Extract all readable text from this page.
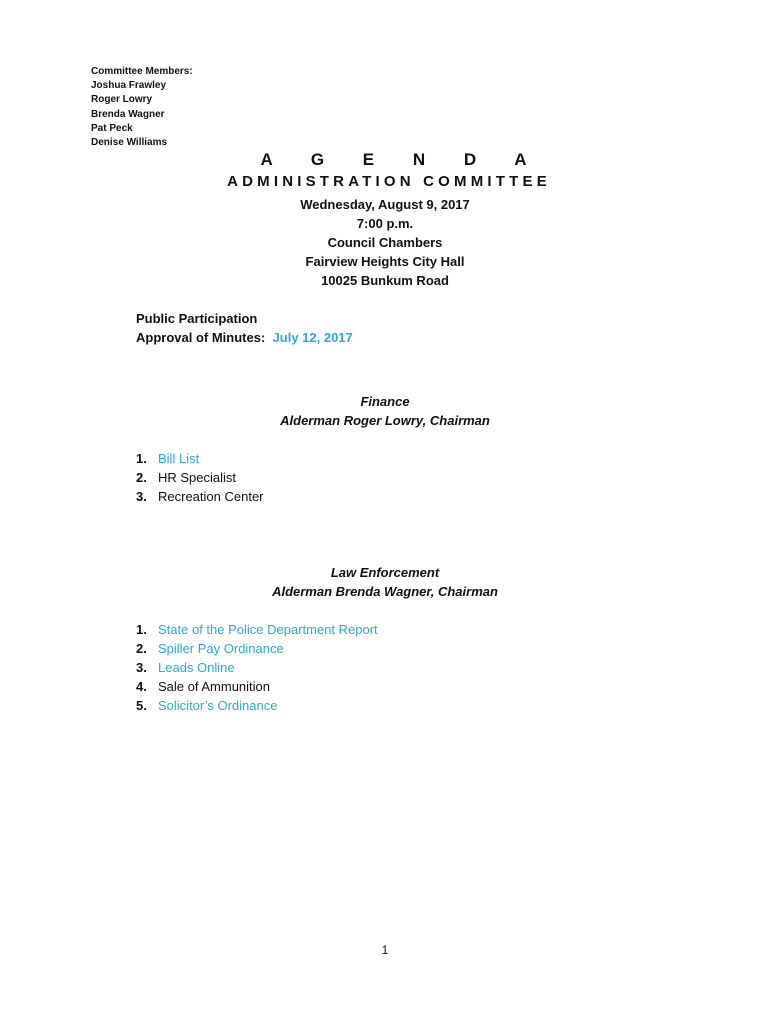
Committee Members:
Joshua Frawley
Roger Lowry
Brenda Wagner
Pat Peck
Denise Williams
A G E N D A
ADMINISTRATION COMMITTEE
Wednesday, August 9, 2017
7:00 p.m.
Council Chambers
Fairview Heights City Hall
10025 Bunkum Road
Public Participation
Approval of Minutes: July 12, 2017
Finance
Alderman Roger Lowry, Chairman
1. Bill List
2. HR Specialist
3. Recreation Center
Law Enforcement
Alderman Brenda Wagner, Chairman
1. State of the Police Department Report
2. Spiller Pay Ordinance
3. Leads Online
4. Sale of Ammunition
5. Solicitor’s Ordinance
1
